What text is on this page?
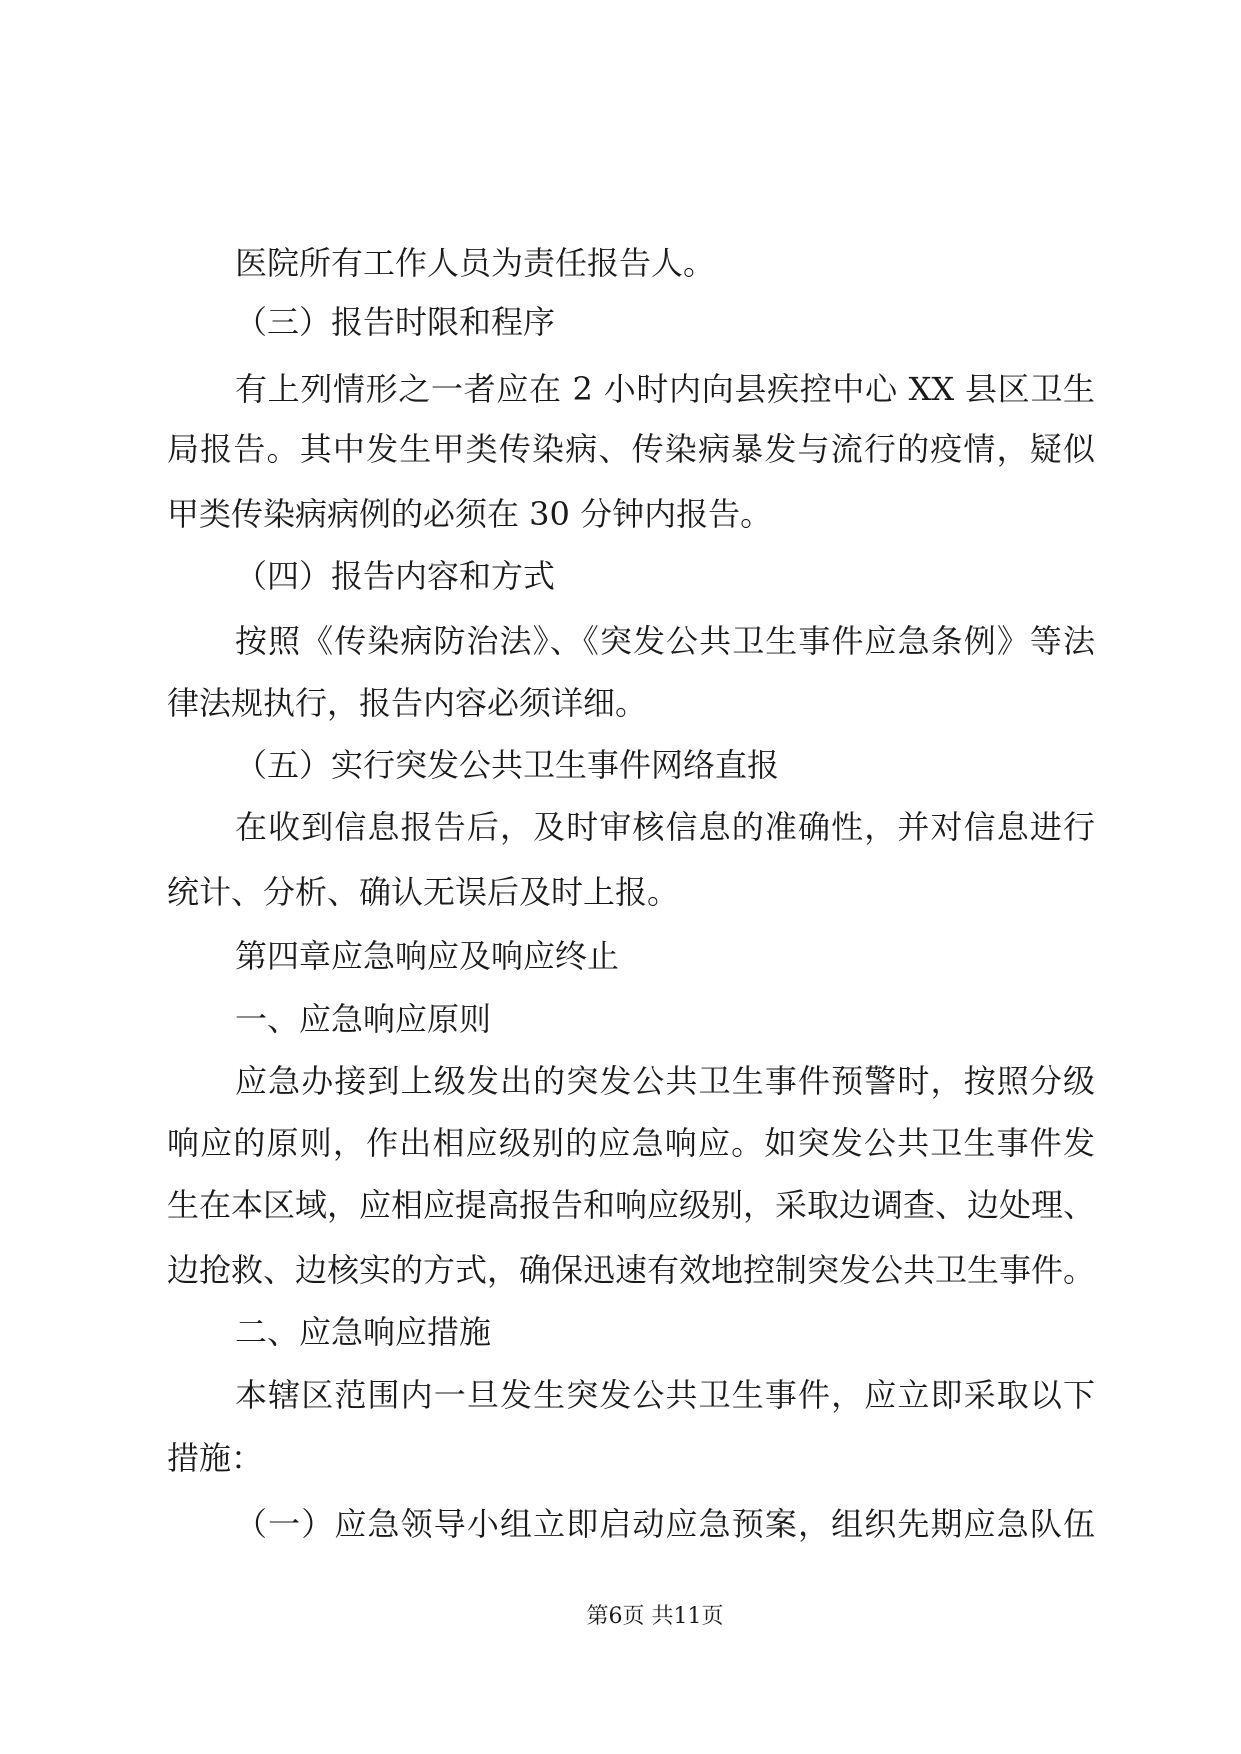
医院所有工作人员为责任报告人。
（三）报告时限和程序
有上列情形之一者应在 2 小时内向县疾控中心 XX 县区卫生
局报告。其中发生甲类传染病、传染病暴发与流行的疫情，疑似
甲类传染病病例的必须在 30 分钟内报告。
（四）报告内容和方式
按照《传染病防治法》、《突发公共卫生事件应急条例》等法
律法规执行，报告内容必须详细。
（五）实行突发公共卫生事件网络直报
在收到信息报告后，及时审核信息的准确性，并对信息进行
统计、分析、确认无误后及时上报。
第四章应急响应及响应终止
一、应急响应原则
应急办接到上级发出的突发公共卫生事件预警时，按照分级
响应的原则，作出相应级别的应急响应。如突发公共卫生事件发
生在本区域，应相应提高报告和响应级别，采取边调查、边处理、
边抢救、边核实的方式，确保迅速有效地控制突发公共卫生事件。
二、应急响应措施
本辖区范围内一旦发生突发公共卫生事件，应立即采取以下
措施：
（一）应急领导小组立即启动应急预案，组织先期应急队伍
第6页 共11页
